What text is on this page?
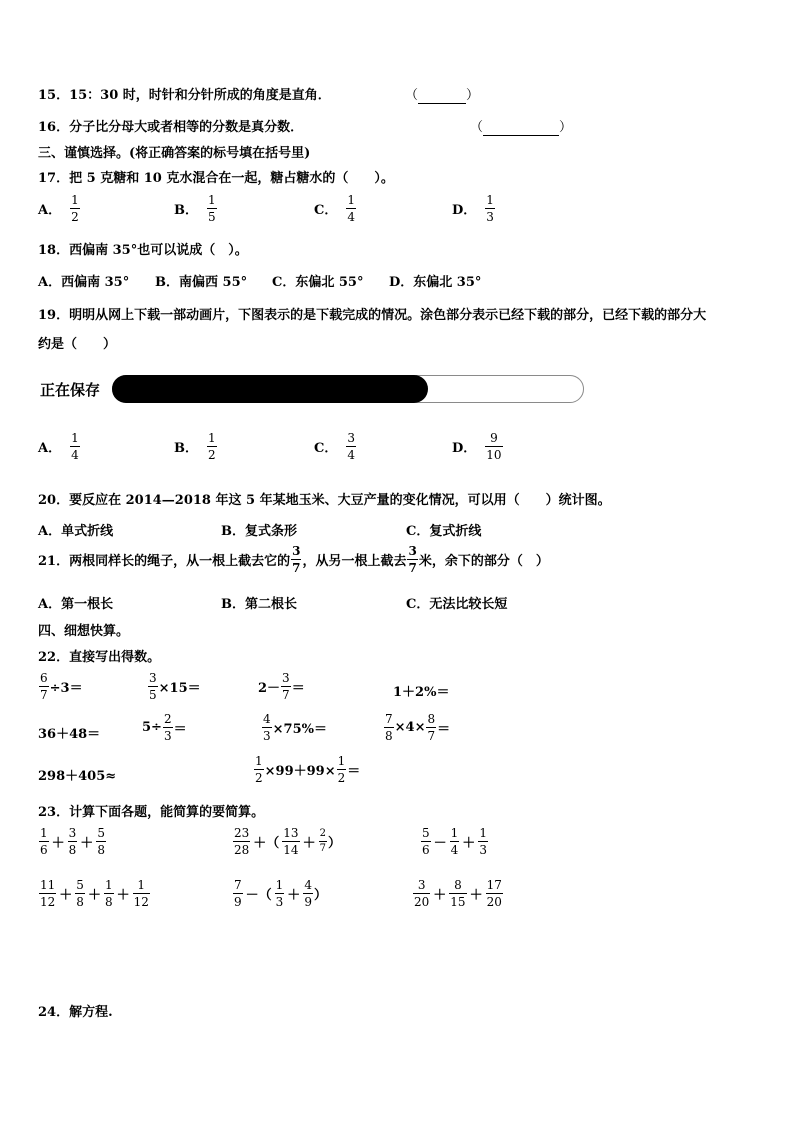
15．15：30 时，时针和分针所成的角度是直角．	（	）
16．分子比分母大或者相等的分数是真分数．	（	）
三、谨慎选择。(将正确答案的标号填在括号里)
17．把 5 克糖和 10 克水混合在一起，糖占糖水的（　　）。
A． $\frac{1}{2}$	B． $\frac{1}{5}$	C． $\frac{1}{4}$	D． $\frac{1}{3}$
18．西偏南 35°也可以说成（　）。
A． 西偏南 35° B． 南偏西 55° C． 东偏北 55° D． 东偏北 35°
19．明明从网上下载一部动画片，下图表示的是下载完成的情况。涂色部分表示已经下载的部分，已经下载的部分大
约是（　　）
正在保存
A． $\frac{1}{4}$	B． $\frac{1}{2}$	C． $\frac{3}{4}$	D． $\frac{9}{10}$
20．要反应在 2014—2018 年这 5 年某地玉米、大豆产量的变化情况，可以用（　　）统计图。
A． 单式折线	B． 复式条形	C． 复式折线
21．两根同样长的绳子，从一根上截去它的 $\frac{3}{7}$ ，从另一根上截去 $\frac{3}{7}$ 米，余下的部分（　）
A． 第一根长	B． 第二根长	C． 无法比较长短
四、细想快算。
22．直接写出得数。
$\frac{6}{7} \div 3=$	$\frac{3}{5} \times 15=$	$2- \frac{3}{7}$ ＝	1＋2%＝
36＋48＝	$5\div \frac{2}{3}$ ＝	$\frac{4}{3} \times 75\%=$	$\frac{7}{8} \times 4\times \frac{8}{7}$ ＝
298＋405≈	$\frac{1}{2} \times 99+99\times \frac{1}{2}$ ＝
23．计算下面各题，能简算的要简算。
$\frac{1}{6} + \frac{3}{8} + \frac{5}{8}$	$\frac{23}{28}$ ＋（ $\frac{13}{14} + \frac{2}{7}$ ）	$\frac{5}{6} - \frac{1}{4} + \frac{1}{3}$
$\frac{11}{12} + \frac{5}{8} + \frac{1}{8} + \frac{1}{12}$	$\frac{7}{9}$ －（ $\frac{1}{3} + \frac{4}{9}$ ）	$\frac{3}{20} + \frac{8}{15} + \frac{17}{20}$
24．解方程.
